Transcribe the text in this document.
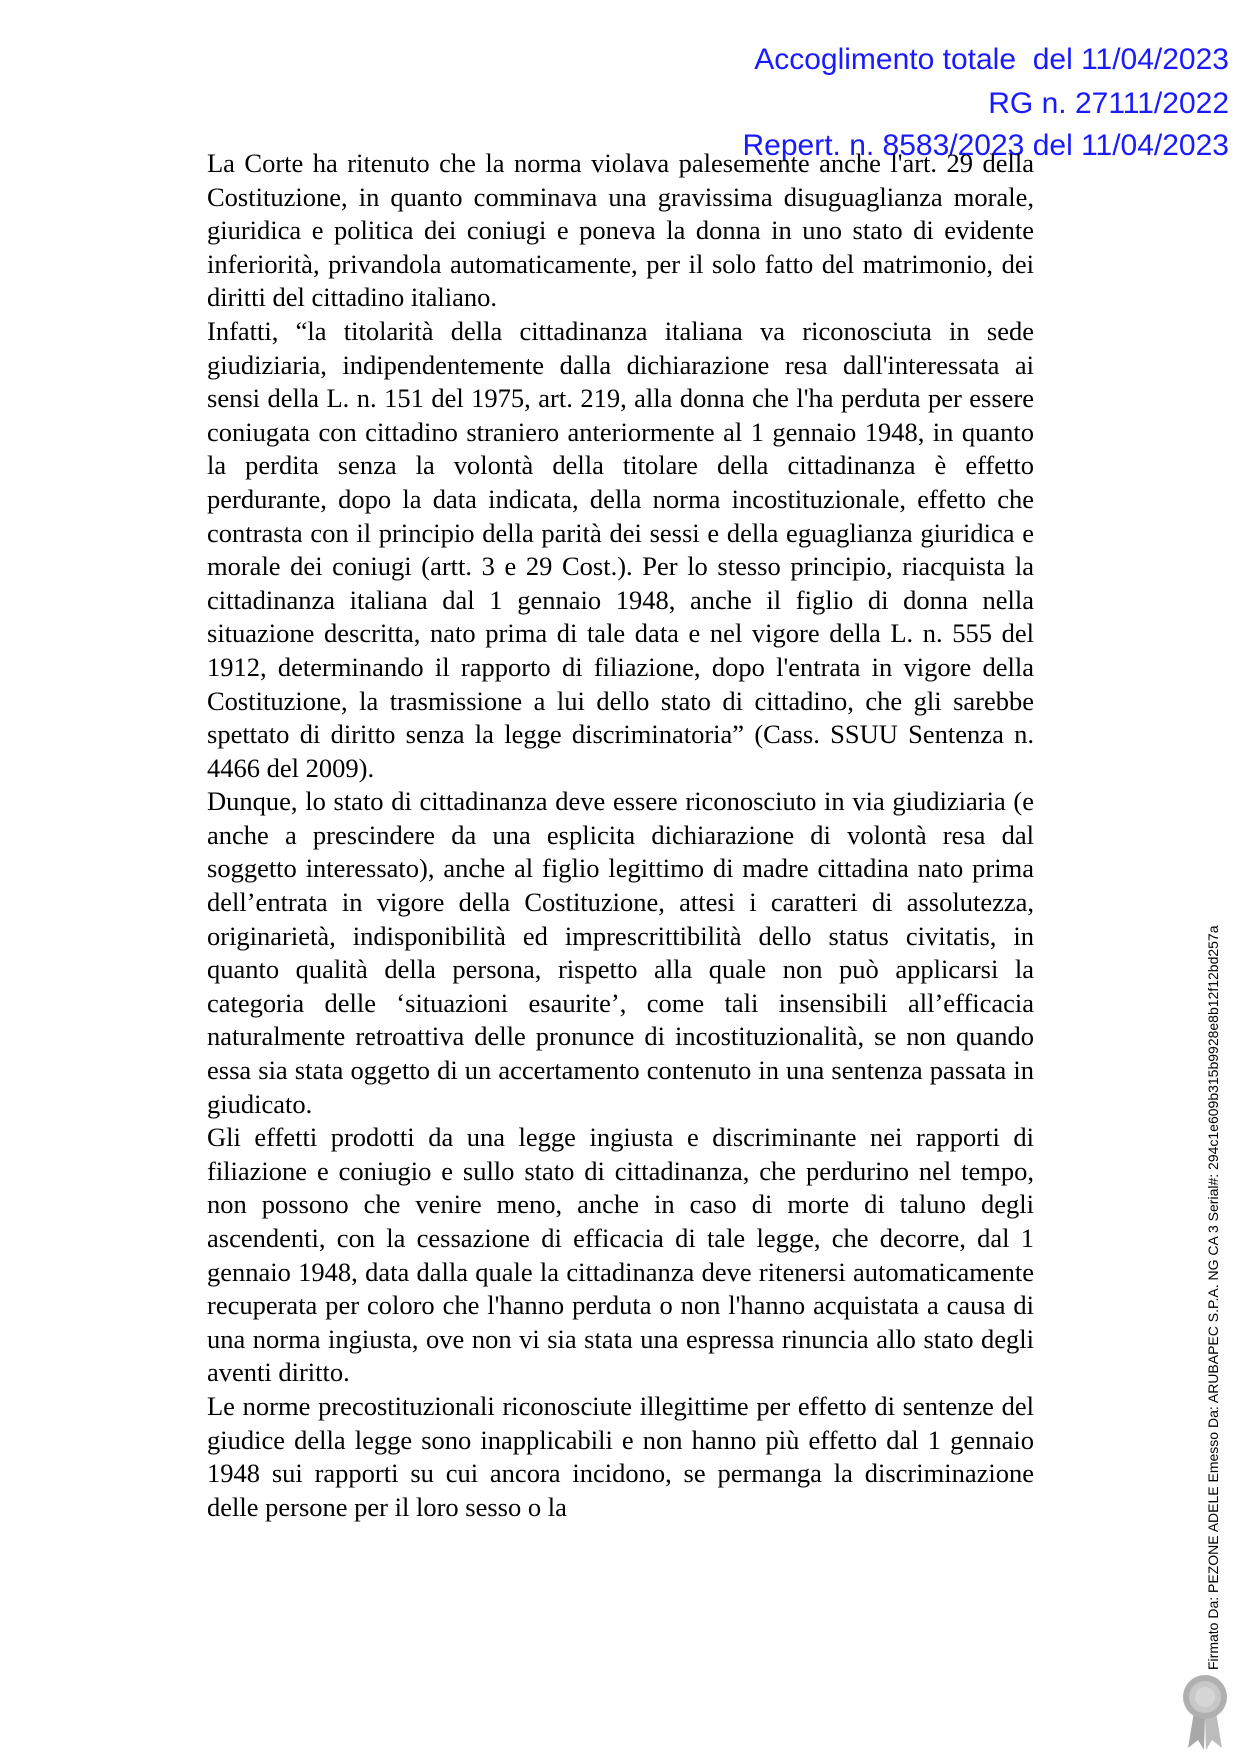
Accoglimento totale  del 11/04/2023
RG n. 27111/2022
Repert. n. 8583/2023 del 11/04/2023

La Corte ha ritenuto che la norma violava palesemente anche l'art. 29 della Costituzione, in quanto comminava una gravissima disuguaglianza morale, giuridica e politica dei coniugi e poneva la donna in uno stato di evidente inferiorità, privandola automaticamente, per il solo fatto del matrimonio, dei diritti del cittadino italiano.

Infatti, “la titolarità della cittadinanza italiana va riconosciuta in sede giudiziaria, indipendentemente dalla dichiarazione resa dall'interessata ai sensi della L. n. 151 del 1975, art. 219, alla donna che l'ha perduta per essere coniugata con cittadino straniero anteriormente al 1 gennaio 1948, in quanto la perdita senza la volontà della titolare della cittadinanza è effetto perdurante, dopo la data indicata, della norma incostituzionale, effetto che contrasta con il principio della parità dei sessi e della eguaglianza giuridica e morale dei coniugi (artt. 3 e 29 Cost.). Per lo stesso principio, riacquista la cittadinanza italiana dal 1 gennaio 1948, anche il figlio di donna nella situazione descritta, nato prima di tale data e nel vigore della L. n. 555 del 1912, determinando il rapporto di filiazione, dopo l'entrata in vigore della Costituzione, la trasmissione a lui dello stato di cittadino, che gli sarebbe spettato di diritto senza la legge discriminatoria” (Cass. SSUU Sentenza n. 4466 del 2009).

Dunque, lo stato di cittadinanza deve essere riconosciuto in via giudiziaria (e anche a prescindere da una esplicita dichiarazione di volontà resa dal soggetto interessato), anche al figlio legittimo di madre cittadina nato prima dell’entrata in vigore della Costituzione, attesi i caratteri di assolutezza, originarietà, indisponibilità ed imprescrittibilità dello status civitatis, in quanto qualità della persona, rispetto alla quale non può applicarsi la categoria delle ‘situazioni esaurite’, come tali insensibili all’efficacia naturalmente retroattiva delle pronunce di incostituzionalità, se non quando essa sia stata oggetto di un accertamento contenuto in una sentenza passata in giudicato.

Gli effetti prodotti da una legge ingiusta e discriminante nei rapporti di filiazione e coniugio e sullo stato di cittadinanza, che perdurino nel tempo, non possono che venire meno, anche in caso di morte di taluno degli ascendenti, con la cessazione di efficacia di tale legge, che decorre, dal 1 gennaio 1948, data dalla quale la cittadinanza deve ritenersi automaticamente recuperata per coloro che l'hanno perduta o non l'hanno acquistata a causa di una norma ingiusta, ove non vi sia stata una espressa rinuncia allo stato degli aventi diritto.

Le norme precostituzionali riconosciute illegittime per effetto di sentenze del giudice della legge sono inapplicabili e non hanno più effetto dal 1 gennaio 1948 sui rapporti su cui ancora incidono, se permanga la discriminazione delle persone per il loro sesso o la	Firmato Da: PEZONE ADELE Emesso Da: ARUBAPEC S.P.A. NG CA 3 Serial#: 294c1e609b315b9928e8b12f12bd257a
